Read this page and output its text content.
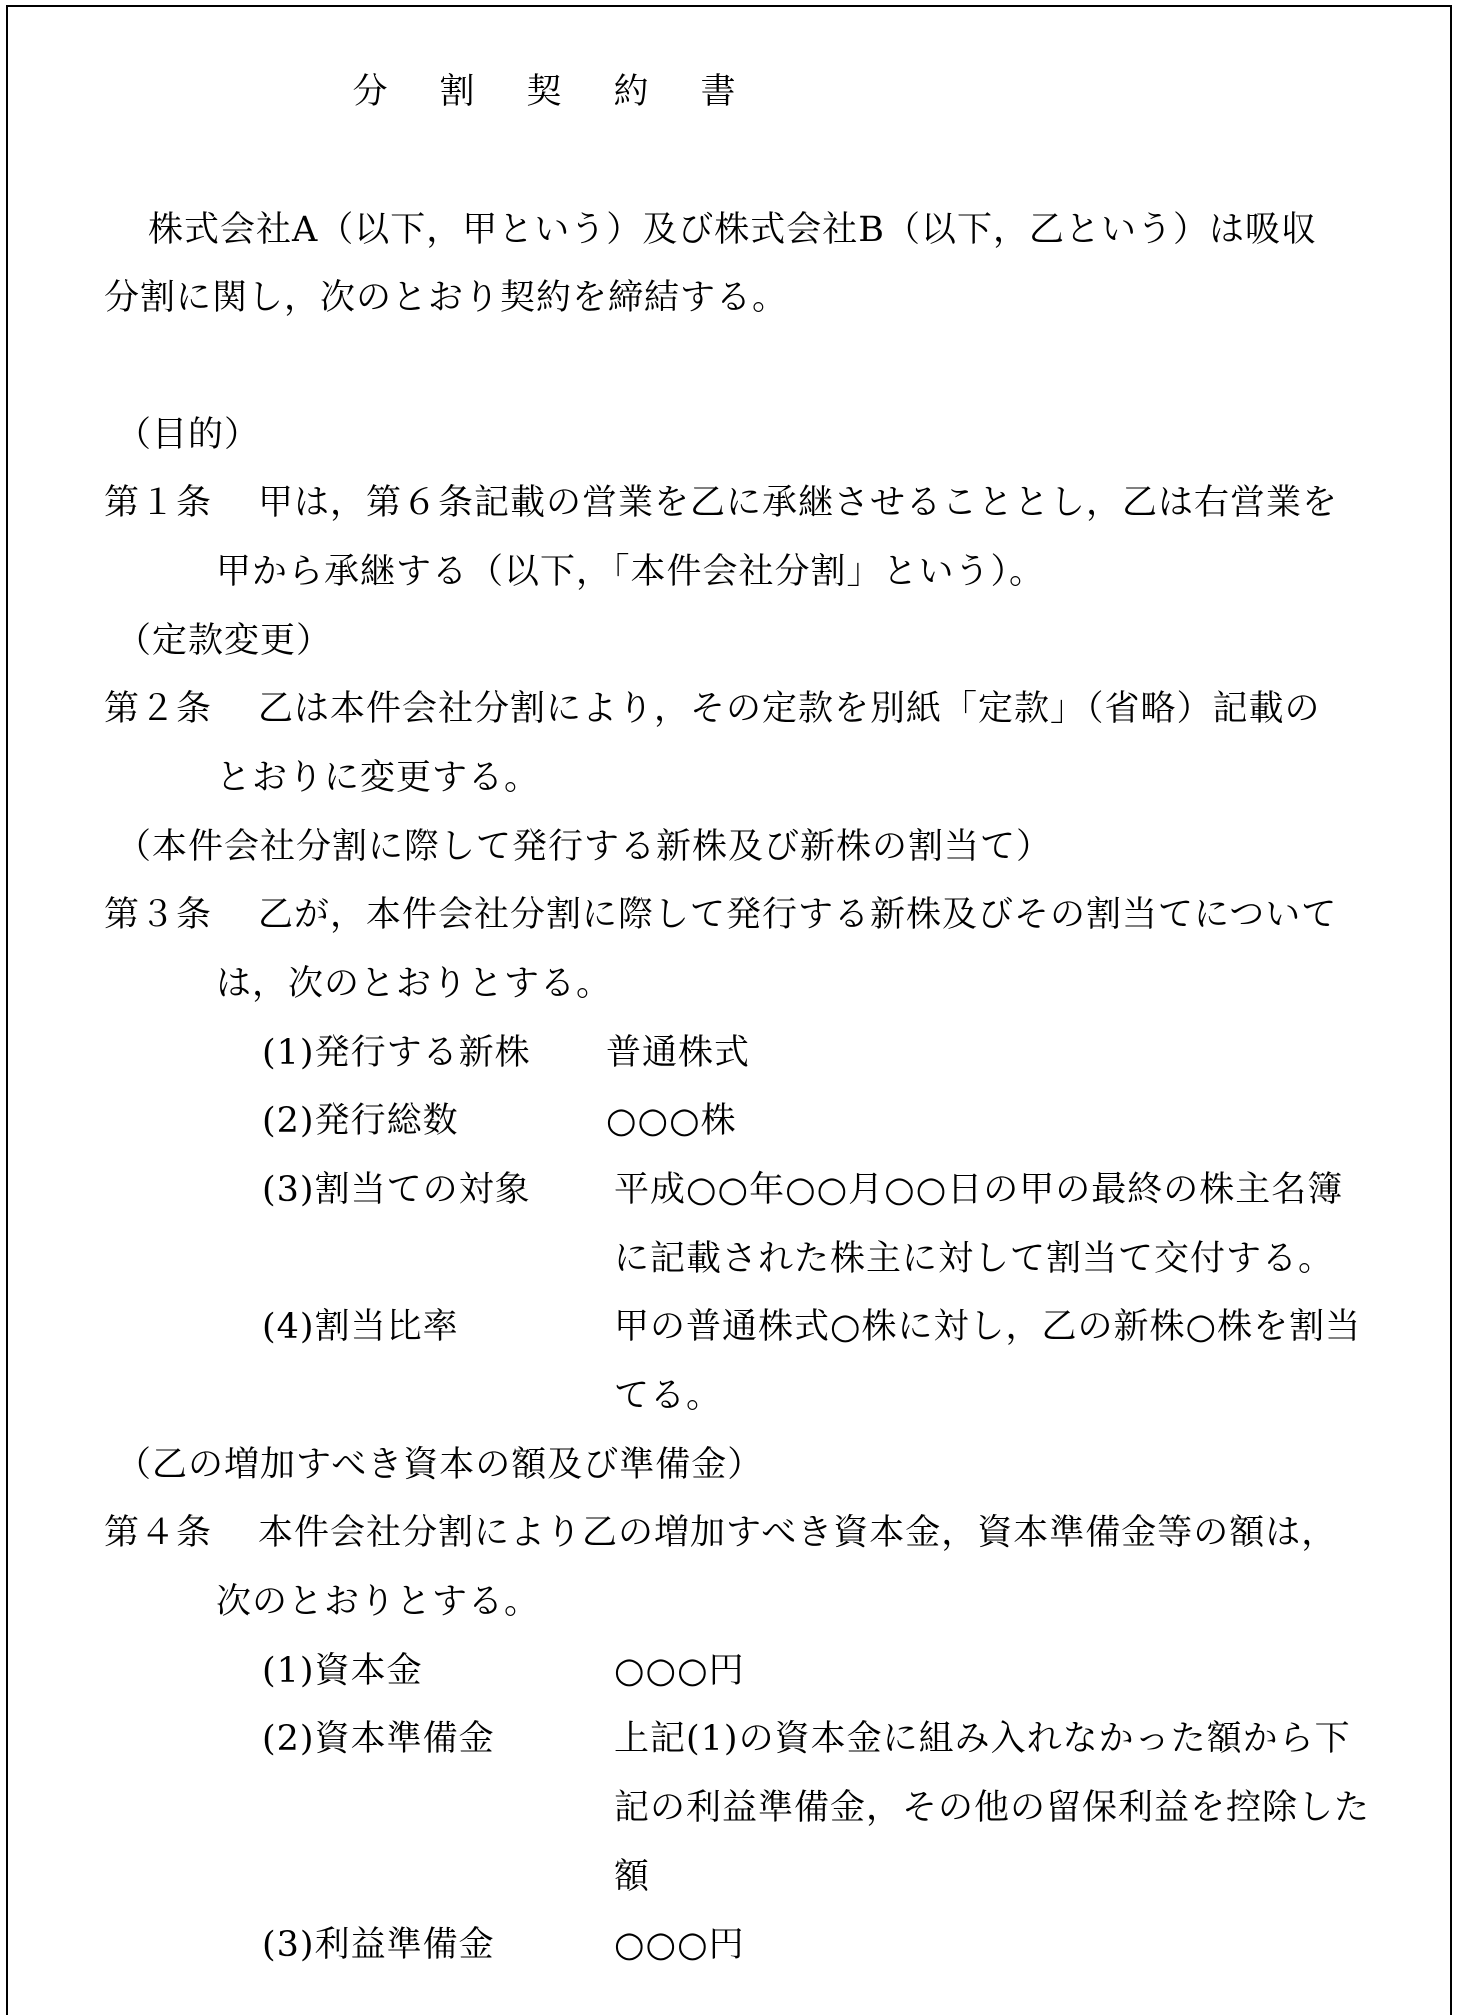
分 割 契 約 書
株式会社A（以下，甲という）及び株式会社B（以下，乙という）は吸収
分割に関し，次のとおり契約を締結する。
（目的）
第１条 甲は，第６条記載の営業を乙に承継させることとし，乙は右営業を
甲から承継する（以下，「本件会社分割」という）。
（定款変更）
第２条 乙は本件会社分割により，その定款を別紙「定款」（省略）記載の
とおりに変更する。
（本件会社分割に際して発行する新株及び新株の割当て）
第３条 乙が，本件会社分割に際して発行する新株及びその割当てについて
は，次のとおりとする。
(1)発行する新株 普通株式
(2)発行総数	○○○株
(3)割当ての対象 平成○○年○○月○○日の甲の最終の株主名簿
に記載された株主に対して割当て交付する。
(4)割当比率	甲の普通株式○株に対し，乙の新株○株を割当
てる。
（乙の増加すべき資本の額及び準備金）
第４条 本件会社分割により乙の増加すべき資本金，資本準備金等の額は，
次のとおりとする。
(1)資本金	○○○円
(2)資本準備金	上記(1)の資本金に組み入れなかった額から下
記の利益準備金，その他の留保利益を控除した
額
(3)利益準備金	○○○円
